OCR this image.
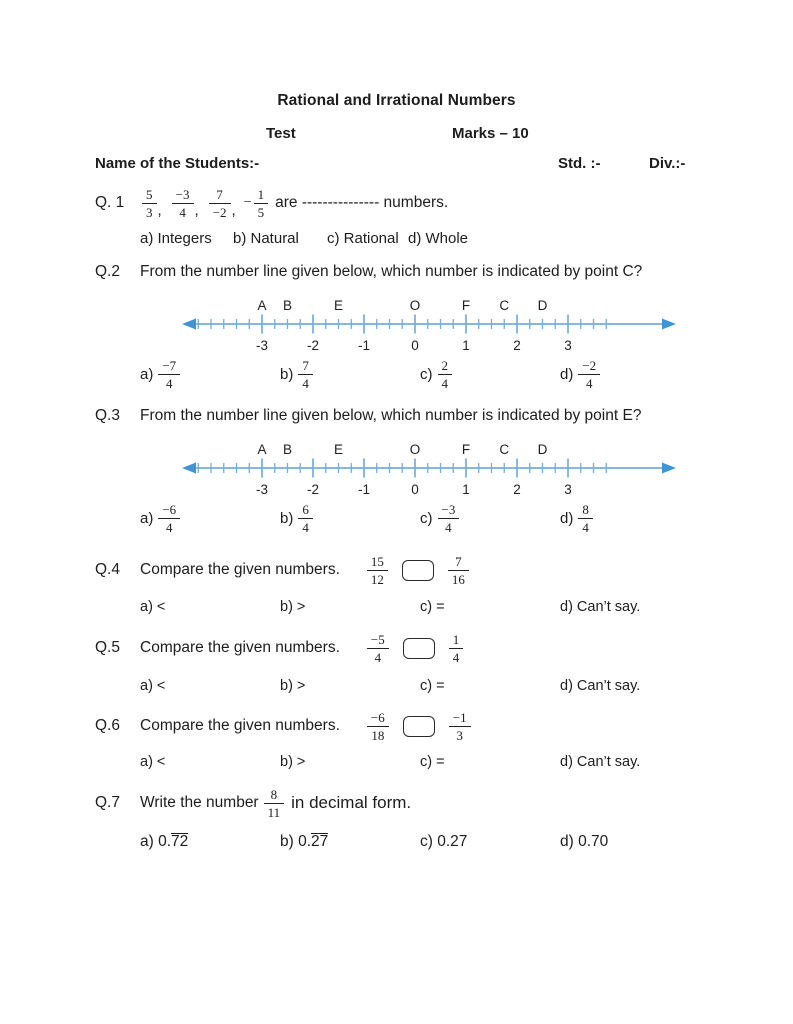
Rational and Irrational Numbers
Test	Marks – 10
Name of the Students:-	Std. :-	Div.:-
Q. 1	$\frac{5}{3}$ , $\frac{-3}{4}$ , $\frac{7}{-2}$ , − $\frac{1}{5}$ are --------------- numbers.
a) Integers b) Natural c) Rational d) Whole
Q.2	From the number line given below, which number is indicated by point C?
-3	-2	-1	0	1	2	3
A B	E	O	F C D
$a) \frac{-7}{4}$	$b) \frac{7}{4}$	$c) \frac{2}{4}$	$d) \frac{-2}{4}$
Q.3	From the number line given below, which number is indicated by point E?
-3	-2	-1	0	1	2	3
A B	E	O	F C D
$a) \frac{-6}{4}$	$b) \frac{6}{4}$	$c) \frac{-3}{4}$	$d) \frac{8}{4}$
Q.4	Compare the given numbers. $\frac{15}{12}$	$\frac{7}{16}$
a) <	b) >	c) =	d) Can’t say.
Q.5	Compare the given numbers. $\frac{-5}{4}$	$\frac{1}{4}$
a) <	b) >	c) =	d) Can’t say.
Q.6	Compare the given numbers. $\frac{-6}{18}$	$\frac{-1}{3}$
a) <	b) >	c) =	d) Can’t say.
Q.7	Write the number $\frac{8}{11}$ in decimal form.
a) 0.72	b) 0.27	c) 0.27	d) 0.70
